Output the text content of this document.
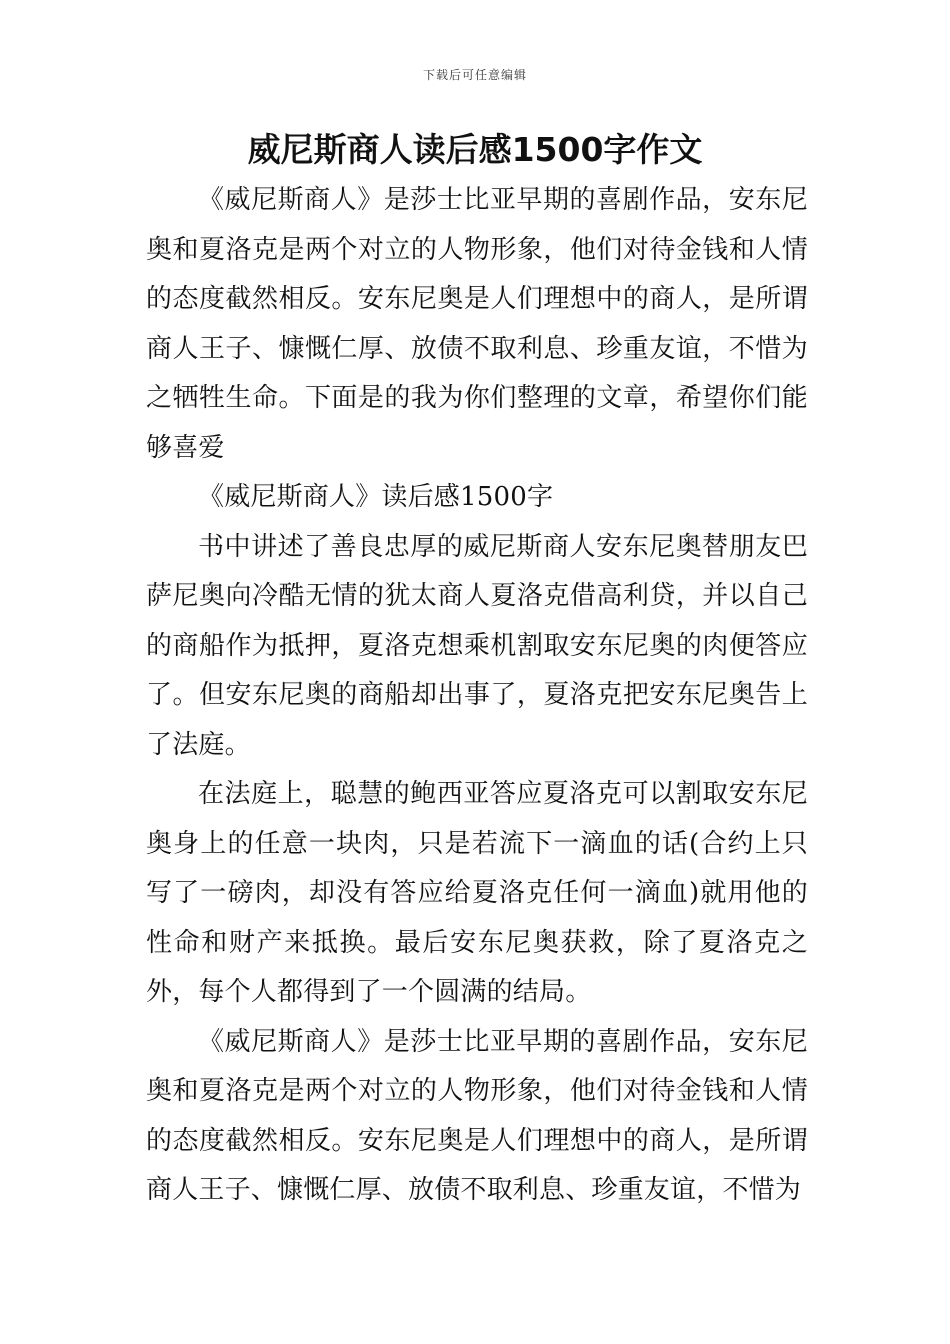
下载后可任意编辑
威尼斯商人读后感1500字作文

《威尼斯商人》是莎士比亚早期的喜剧作品，安东尼奥和夏洛克是两个对立的人物形象，他们对待金钱和人情的态度截然相反。安东尼奥是人们理想中的商人，是所谓商人王子、慷慨仁厚、放债不取利息、珍重友谊，不惜为之牺牲生命。下面是的我为你们整理的文章，希望你们能够喜爱

《威尼斯商人》读后感1500字

书中讲述了善良忠厚的威尼斯商人安东尼奥替朋友巴萨尼奥向冷酷无情的犹太商人夏洛克借高利贷，并以自己的商船作为抵押，夏洛克想乘机割取安东尼奥的肉便答应了。但安东尼奥的商船却出事了，夏洛克把安东尼奥告上了法庭。

在法庭上，聪慧的鲍西亚答应夏洛克可以割取安东尼奥身上的任意一块肉，只是若流下一滴血的话(合约上只写了一磅肉，却没有答应给夏洛克任何一滴血)就用他的性命和财产来抵换。最后安东尼奥获救，除了夏洛克之外，每个人都得到了一个圆满的结局。

《威尼斯商人》是莎士比亚早期的喜剧作品，安东尼奥和夏洛克是两个对立的人物形象，他们对待金钱和人情的态度截然相反。安东尼奥是人们理想中的商人，是所谓商人王子、慷慨仁厚、放债不取利息、珍重友谊，不惜为
